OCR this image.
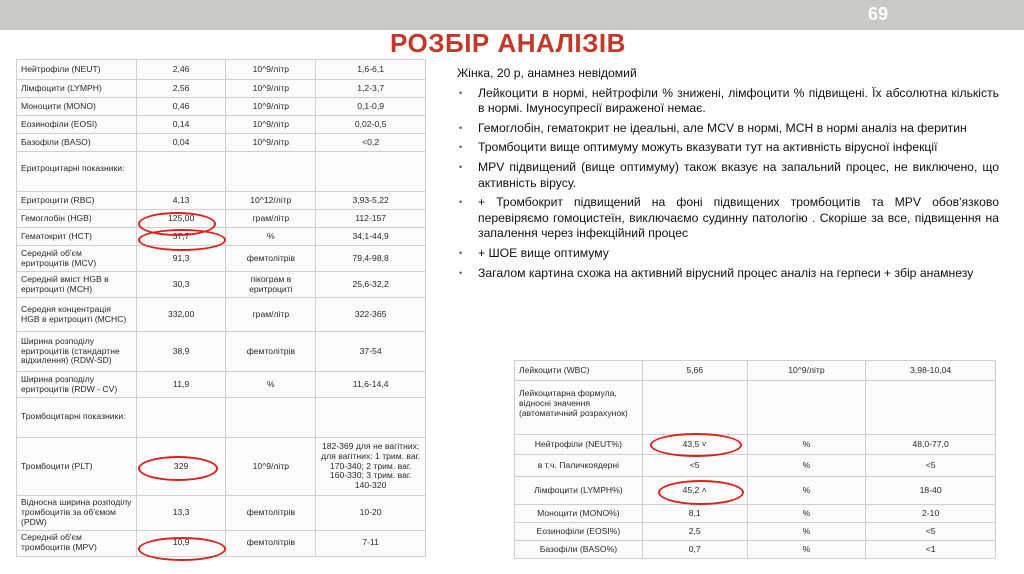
69
РОЗБІР АНАЛІЗІВ
Нейтрофіли (NEUT)	2,46	10^9/літр	1,6-6,1
Лімфоцити (LYMPH)	2,56	10^9/літр	1,2-3,7
Моноцити (MONO)	0,46	10^9/літр	0,1-0,9
Еозинофіли (EOSI)	0,14	10^9/літр	0,02-0,5
Базофіли (BASO)	0,04	10^9/літр	<0,2
Еритроцитарні показники:			
Еритроцити (RBC)	4,13	10^12/літр	3,93-5,22
Гемоглобін (HGB)	125,00	грам/літр	112-157
Гематокрит (HCT)	37,7	%	34,1-44,9
Середній об'єм еритроцитів (MCV)	91,3	фемтолітрів	79,4-98,8
Середній вміст HGB в еритроциті (MCH)	30,3	пікограм в еритроциті	25,6-32,2
Середня концентрація HGB в еритроциті (MCHC)	332,00	грам/літр	322-365
Ширина розподілу еритроцитів (стандартне відхилення) (RDW-SD)	38,9	фемтолітрів	37-54
Ширина розподілу еритроцитів (RDW - CV)	11,9	%	11,6-14,4
Тромбоцитарні показники:			
Тромбоцити (PLT)	329	10^9/літр	182-369 для не вагітних; для вагітних: 1 трим. ваг. 170-340; 2 трим. ваг. 160-330; 3 трим. ваг. 140-320
Відносна ширина розподілу тромбоцитів за об'ємом (PDW)	13,3	фемтолітрів	10-20
Середній об'єм тромбоцитів (MPV)	10,9	фемтолітрів	7-11

Жінка, 20 р, анамнез невідомий

• Лейкоцити в нормі, нейтрофіли % знижені, лімфоцити % підвищені. Їх абсолютна кількість в нормі. Імуносупресії вираженої немає.
• Гемоглобін, гематокрит не ідеальні, але MCV в нормі, MCH в нормі аналіз на феритин
• Тромбоцити вище оптимуму можуть вказувати тут на активність вірусної інфекції
• MPV підвищений (вище оптимуму) також вказує на запальний процес, не виключено, що активність вірусу.
• + Тромбокрит підвищений на фоні підвищених тромбоцитів та MPV обов'язково перевіряємо гомоцистеїн, виключаємо судинну патологію . Скоріше за все, підвищення на запалення через інфекційний процес
• + ШОЕ вище оптимуму
• Загалом картина схожа на активний вірусний процес аналіз на герпеси + збір анамнезу
Лейкоцити (WBC)	5,66	10^9/літр	3,98-10,04
Лейкоцитарна формула, відносні значення (автоматичний розрахунок)			
Нейтрофіли (NEUT%)	43,5 ˅	%	48,0-77,0
в т.ч. Паличкоядерні	<5	%	<5
Лімфоцити (LYMPH%)	45,2 ˄	%	18-40
Моноцити (MONO%)	8,1	%	2-10
Еозинофіли (EOSI%)	2,5	%	<5
Базофіли (BASO%)	0,7	%	<1
